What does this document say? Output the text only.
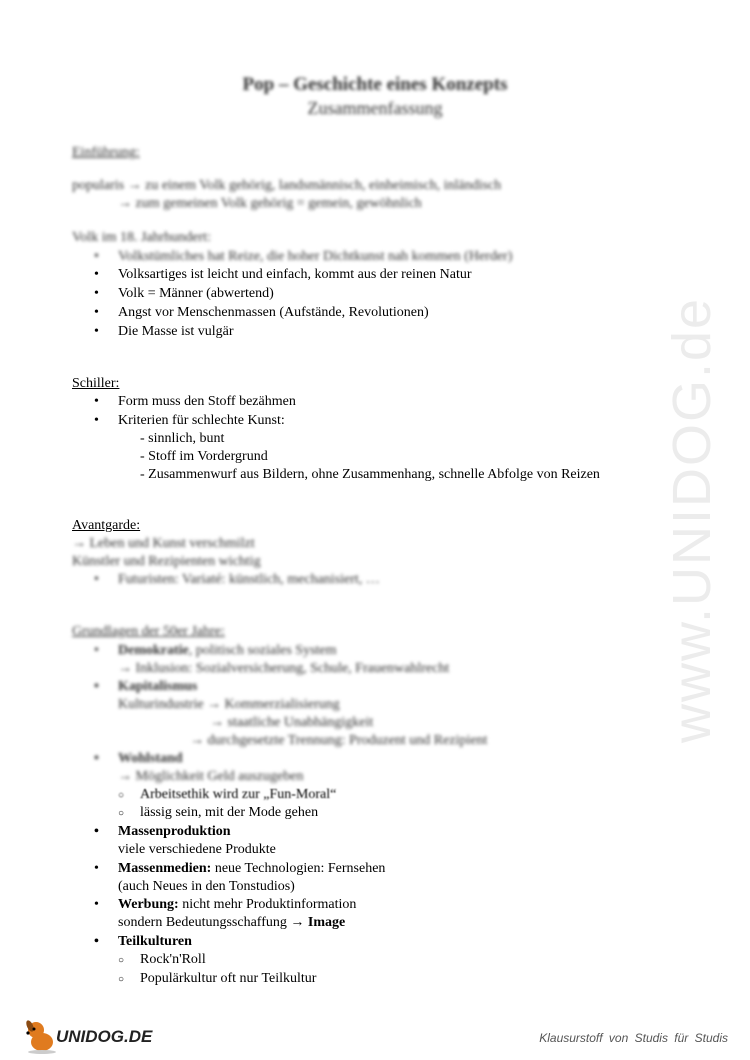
www.UNIDOG.de
Pop – Geschichte eines Konzepts
Zusammenfassung
Einführung:
popularis → zu einem Volk gehörig, landsmännisch, einheimisch, inländisch
→ zum gemeinen Volk gehörig = gemein, gewöhnlich
Volk im 18. Jahrhundert:
• Volkstümliches hat Reize, die hoher Dichtkunst nah kommen (Herder)
• Volksartiges ist leicht und einfach, kommt aus der reinen Natur
• Volk = Männer (abwertend)
• Angst vor Menschenmassen (Aufstände, Revolutionen)
• Die Masse ist vulgär
Schiller:
• Form muss den Stoff bezähmen
• Kriterien für schlechte Kunst:
- sinnlich, bunt
- Stoff im Vordergrund
- Zusammenwurf aus Bildern, ohne Zusammenhang, schnelle Abfolge von Reizen
Avantgarde:
→ Leben und Kunst verschmilzt
Künstler und Rezipienten wichtig
• Futuristen: Variaté: künstlich, mechanisiert, …
Grundlagen der 50er Jahre:
• Demokratie, politisch soziales System
→ Inklusion: Sozialversicherung, Schule, Frauenwahlrecht
• Kapitalismus
Kulturindustrie → Kommerzialisierung
→ staatliche Unabhängigkeit
→ durchgesetzte Trennung: Produzent und Rezipient
• Wohlstand
→ Möglichkeit Geld auszugeben
○ Arbeitsethik wird zur „Fun-Moral“
○ lässig sein, mit der Mode gehen
• Massenproduktion
viele verschiedene Produkte
• Massenmedien: neue Technologien: Fernsehen
(auch Neues in den Tonstudios)
• Werbung: nicht mehr Produktinformation
sondern Bedeutungsschaffung → Image
• Teilkulturen
○ Rock'n'Roll
○ Populärkultur oft nur Teilkultur
UNIDOG.DE	Klausurstoff von Studis für Studis
